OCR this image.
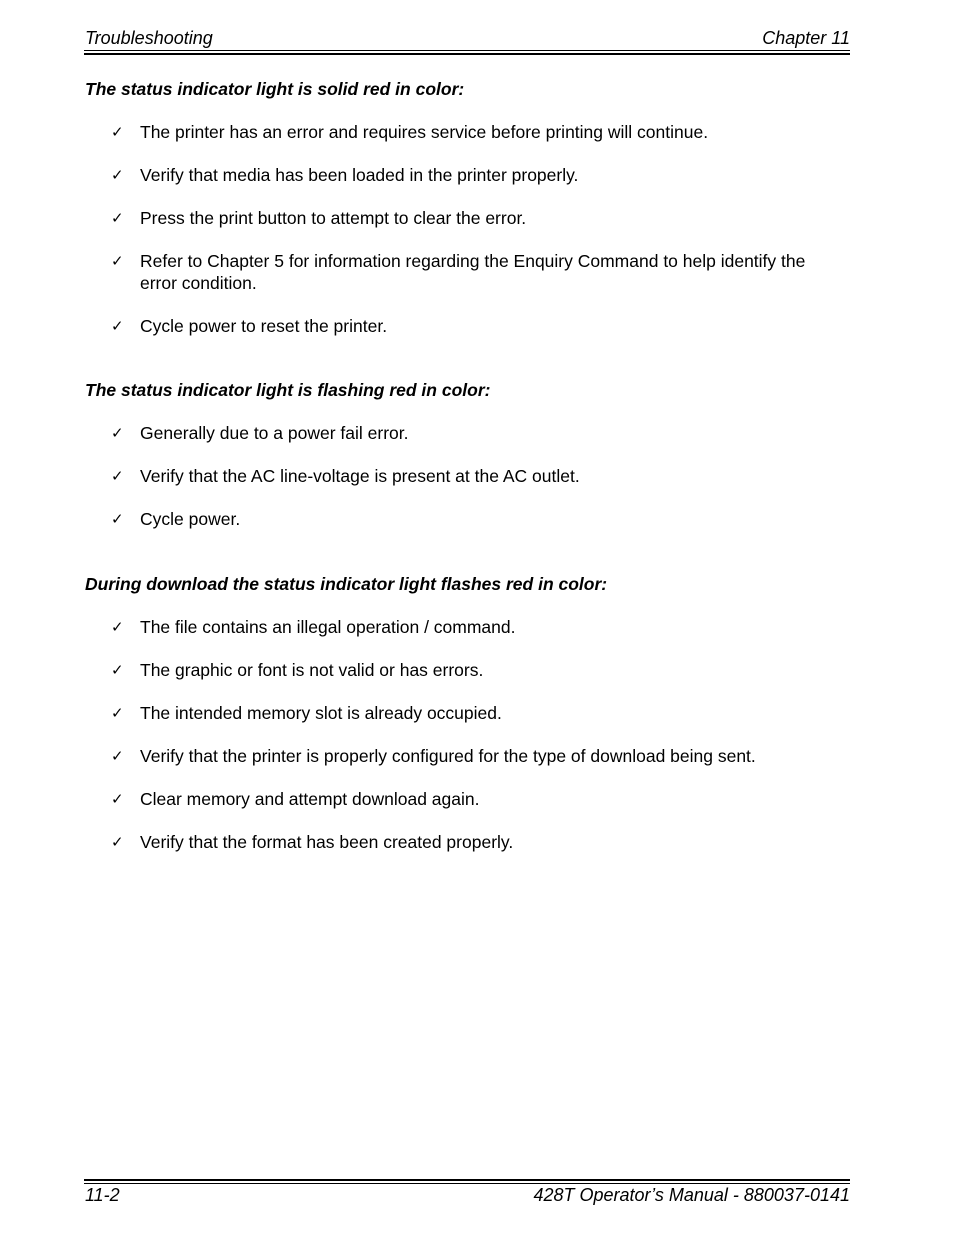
Troubleshooting	Chapter 11
The status indicator light is solid red in color:
✓ The printer has an error and requires service before printing will continue.
✓ Verify that media has been loaded in the printer properly.
✓ Press the print button to attempt to clear the error.
✓ Refer to Chapter 5 for information regarding the Enquiry Command to help identify the error condition.
✓ Cycle power to reset the printer.
The status indicator light is flashing red in color:
✓ Generally due to a power fail error.
✓ Verify that the AC line-voltage is present at the AC outlet.
✓ Cycle power.
During download the status indicator light flashes red in color:
✓ The file contains an illegal operation / command.
✓ The graphic or font is not valid or has errors.
✓ The intended memory slot is already occupied.
✓ Verify that the printer is properly configured for the type of download being sent.
✓ Clear memory and attempt download again.
✓ Verify that the format has been created properly.
11-2	428T Operator’s Manual - 880037-0141
